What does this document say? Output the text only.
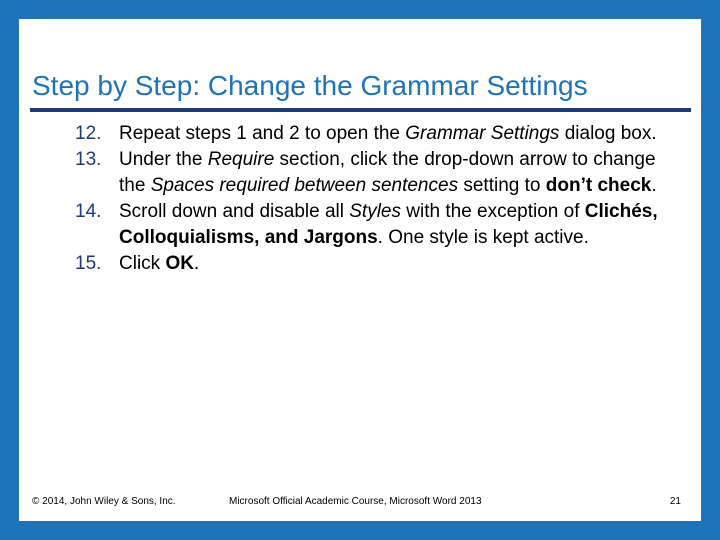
Step by Step: Change the Grammar Settings
12. Repeat steps 1 and 2 to open the Grammar Settings dialog box.
13. Under the Require section, click the drop-down arrow to change the Spaces required between sentences setting to don’t check.
14. Scroll down and disable all Styles with the exception of Clichés, Colloquialisms, and Jargons. One style is kept active.
15. Click OK.
© 2014, John Wiley & Sons, Inc.	Microsoft Official Academic Course, Microsoft Word 2013	21
